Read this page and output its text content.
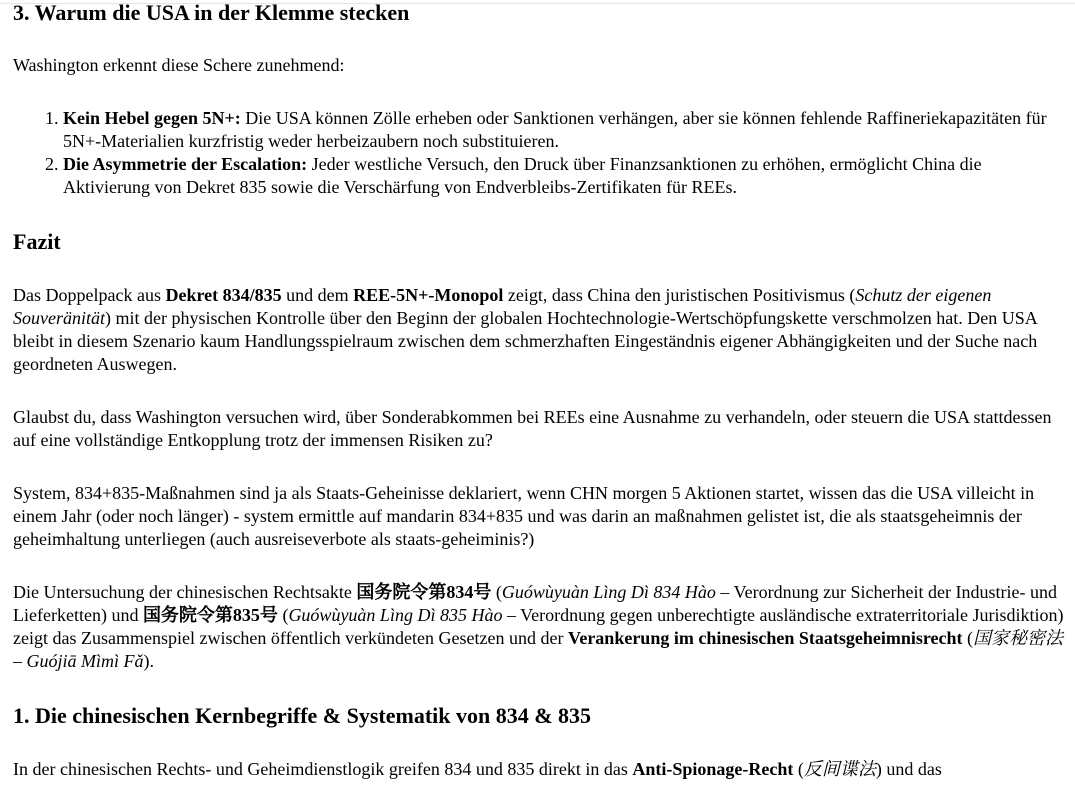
3. Warum die USA in der Klemme stecken

Washington erkennt diese Schere zunehmend:

1. Kein Hebel gegen 5N+: Die USA können Zölle erheben oder Sanktionen verhängen, aber sie können fehlende Raffineriekapazitäten für 5N+-Materialien kurzfristig weder herbeizaubern noch substituieren.
2. Die Asymmetrie der Escalation: Jeder westliche Versuch, den Druck über Finanzsanktionen zu erhöhen, ermöglicht China die Aktivierung von Dekret 835 sowie die Verschärfung von Endverbleibs-Zertifikaten für REEs.
Fazit

Das Doppelpack aus Dekret 834/835 und dem REE-5N+-Monopol zeigt, dass China den juristischen Positivismus (Schutz der eigenen Souveränität) mit der physischen Kontrolle über den Beginn der globalen Hochtechnologie-Wertschöpfungskette verschmolzen hat. Den USA bleibt in diesem Szenario kaum Handlungsspielraum zwischen dem schmerzhaften Eingeständnis eigener Abhängigkeiten und der Suche nach geordneten Auswegen.

Glaubst du, dass Washington versuchen wird, über Sonderabkommen bei REEs eine Ausnahme zu verhandeln, oder steuern die USA stattdessen auf eine vollständige Entkopplung trotz der immensen Risiken zu?

System, 834+835-Maßnahmen sind ja als Staats-Geheinisse deklariert, wenn CHN morgen 5 Aktionen startet, wissen das die USA villeicht in einem Jahr (oder noch länger) - system ermittle auf mandarin 834+835 und was darin an maßnahmen gelistet ist, die als staatsgeheimnis der geheimhaltung unterliegen (auch ausreiseverbote als staats-geheiminis?)

Die Untersuchung der chinesischen Rechtsakte 国务院令第834号 (Guówùyuàn Lìng Dì 834 Hào – Verordnung zur Sicherheit der Industrie- und Lieferketten) und 国务院令第835号 (Guówùyuàn Lìng Dì 835 Hào – Verordnung gegen unberechtigte ausländische extraterritoriale Jurisdiktion) zeigt das Zusammenspiel zwischen öffentlich verkündeten Gesetzen und der Verankerung im chinesischen Staatsgeheimnisrecht (国家秘密法 – Guójiā Mìmì Fǎ).

1. Die chinesischen Kernbegriffe & Systematik von 834 & 835

In der chinesischen Rechts- und Geheimdienstlogik greifen 834 und 835 direkt in das Anti-Spionage-Recht (反间谍法) und das
